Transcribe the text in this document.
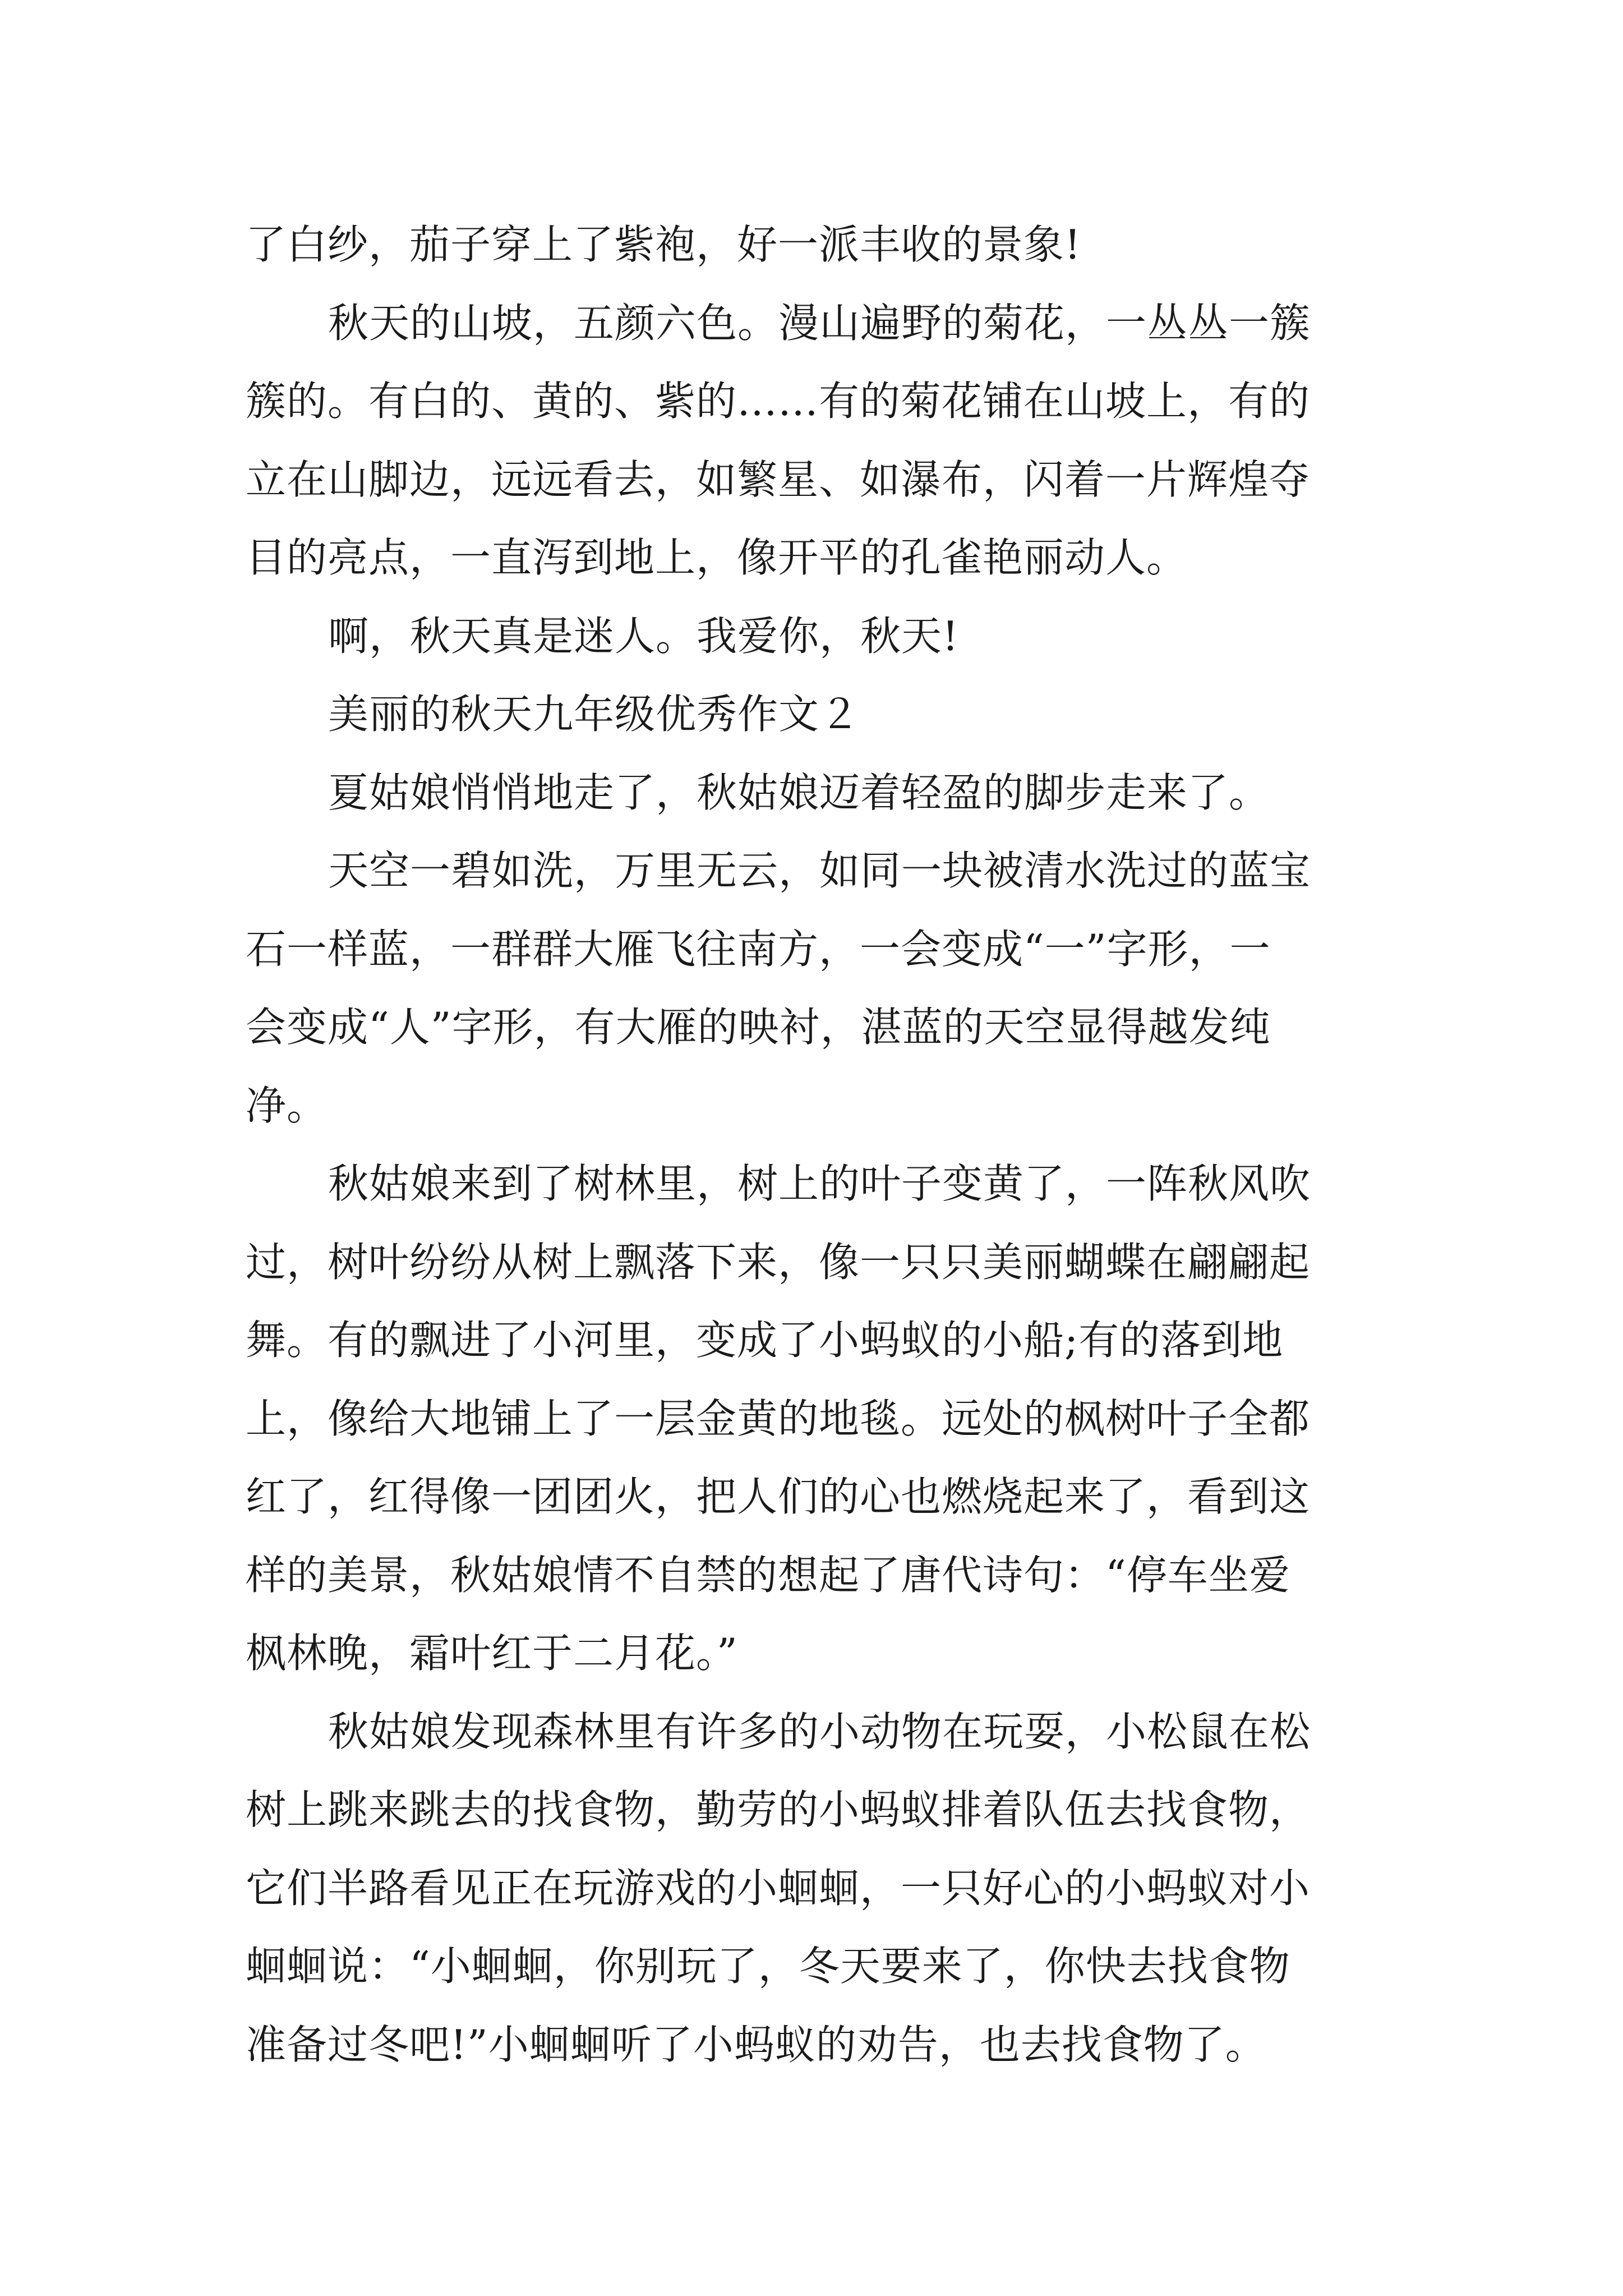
了白纱，茄子穿上了紫袍，好一派丰收的景象!
秋天的山坡，五颜六色。漫山遍野的菊花，一丛丛一簇
簇的。有白的、黄的、紫的……有的菊花铺在山坡上，有的
立在山脚边，远远看去，如繁星、如瀑布，闪着一片辉煌夺
目的亮点，一直泻到地上，像开平的孔雀艳丽动人。
啊，秋天真是迷人。我爱你，秋天!
美丽的秋天九年级优秀作文２
夏姑娘悄悄地走了，秋姑娘迈着轻盈的脚步走来了。
天空一碧如洗，万里无云，如同一块被清水洗过的蓝宝
石一样蓝，一群群大雁飞往南方，一会变成“一”字形，一
会变成“人”字形，有大雁的映衬，湛蓝的天空显得越发纯
净。
秋姑娘来到了树林里，树上的叶子变黄了，一阵秋风吹
过，树叶纷纷从树上飘落下来，像一只只美丽蝴蝶在翩翩起
舞。有的飘进了小河里，变成了小蚂蚁的小船;有的落到地
上，像给大地铺上了一层金黄的地毯。远处的枫树叶子全都
红了，红得像一团团火，把人们的心也燃烧起来了，看到这
样的美景，秋姑娘情不自禁的想起了唐代诗句：“停车坐爱
枫林晚，霜叶红于二月花。”
秋姑娘发现森林里有许多的小动物在玩耍，小松鼠在松
树上跳来跳去的找食物，勤劳的小蚂蚁排着队伍去找食物，
它们半路看见正在玩游戏的小蛔蛔，一只好心的小蚂蚁对小
蛔蛔说：“小蛔蛔，你别玩了，冬天要来了，你快去找食物
准备过冬吧!”小蛔蛔听了小蚂蚁的劝告，也去找食物了。
